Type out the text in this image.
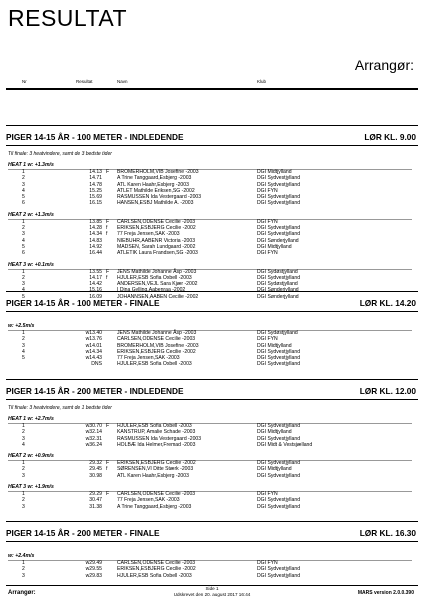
RESULTAT
Arrangør:
Nr	Resultat	Navn	Klub
PIGER 14-15 ÅR - 100 METER - INDLEDENDE	LØR KL. 9.00
Til finale: 3 heatvindere, samt de 3 bedste tider
HEAT 1 w: +1.3m/s
1	14.13 F BROMERHOLM,VIB Josefine -2003	DGI Midtjylland
2	14.71	A Trine Tanggaard,Esbjerg -2003	DGI Sydvestjylland
3	14.78	ATL Karen Haahr,Esbjerg -2003	DGI Sydvestjylland
4	15.25	ATLET Mathilde Eriksen,SG -2002	DGI FYN
5	15.69	RASMUSSEN Ida Vestergaard -2003	DGI Sydvestjylland
6	16.15	HANSEN,ESBJ Mathilde A. -2003	DGI Sydvestjylland
HEAT 2 w: +1.3m/s
1	13.85 F CARLSEN,ODENSE Cecilie -2003	DGI FYN
2	14.28 f ERIKSEN,ESBJERG Cecilie -2002	DGI Sydvestjylland
3	14.34 f 77 Freja Jensen,SAK -2003	DGI Sydvestjylland
4	14.83	NIEBUHR,AABENR Victoria -2003	DGI Sønderjylland
5	14.92	MADSEN, Sarah Lundgaard -2002	DGI Midtjylland
6	16.44	ATLETIK Laura Frandsen,SG -2003	DGI FYN
HEAT 3 w: +0.1m/s
1	13.55 F JENS Mathilde Johanne Åsp -2003	DGI Sydøstjylland
2	14.17 f HJULER,ESB Sofia Oxbell -2003	DGI Sydvestjylland
3	14.42	ANDERSEN,VEJL Sara Kjær -2002	DGI Sydøstjylland
4	15.16	I Dina Gylling,Aabenraa -2002	DGI Sønderjylland
5	16.09	JOHANNSEN,AABEN Cecilie -2002	DGI Sønderjylland
PIGER 14-15 ÅR - 100 METER - FINALE	LØR KL. 14.20
w: +2.5m/s
1	w13.40	JENS Mathilde Johanne Åsp -2003	DGI Sydøstjylland
2	w13.76	CARLSEN,ODENSE Cecilie -2003	DGI FYN
3	w14.01	BROMERHOLM,VIB Josefine -2003	DGI Midtjylland
4	w14.34	ERIKSEN,ESBJERG Cecilie -2002	DGI Sydvestjylland
5	w14.43	77 Freja Jensen,SAK -2003	DGI Sydvestjylland
DNS	HJULER,ESB Sofia Oxbell -2003	DGI Sydvestjylland
PIGER 14-15 ÅR - 200 METER - INDLEDENDE	LØR KL. 12.00
Til finale: 3 heatvindere, samt de 1 bedste tider
HEAT 1 w: +2.7m/s
1	w30.70 F HJULER,ESB Sofia Oxbell -2003	DGI Sydvestjylland
2	w32.14	KANSTRUP, Amalie Schade -2003	DGI Midtjylland
3	w32.31	RASMUSSEN Ida Vestergaard -2003	DGI Sydvestjylland
4	w36.24	HOLBÆ Ida Helmer,Fremad -2003	DGI Midt & Vestsjælland
HEAT 2 w: +0.9m/s
1	29.32 F ERIKSEN,ESBJERG Cecilie -2002	DGI Sydvestjylland
2	29.45 f SØRENSEN,VI Ditte Stærk -2003	DGI Midtjylland
3	30.98	ATL Karen Haahr,Esbjerg -2003	DGI Sydvestjylland
HEAT 3 w: +1.9m/s
1	29.29 F CARLSEN,ODENSE Cecilie -2003	DGI FYN
2	30.47	77 Freja Jensen,SAK -2003	DGI Sydvestjylland
3	31.38	A Trine Tanggaard,Esbjerg -2003	DGI Sydvestjylland
PIGER 14-15 ÅR - 200 METER - FINALE	LØR KL. 16.30
w: +2.4m/s
1	w29.49	CARLSEN,ODENSE Cecilie -2003	DGI FYN
2	w29.55	ERIKSEN,ESBJERG Cecilie -2002	DGI Sydvestjylland
3	w29.83	HJULER,ESB Sofia Oxbell -2003	DGI Sydvestjylland
Arrangør:
Side 1
Udskrevet den 20. august 2017 16:44	MARS version 2.0.0.390
